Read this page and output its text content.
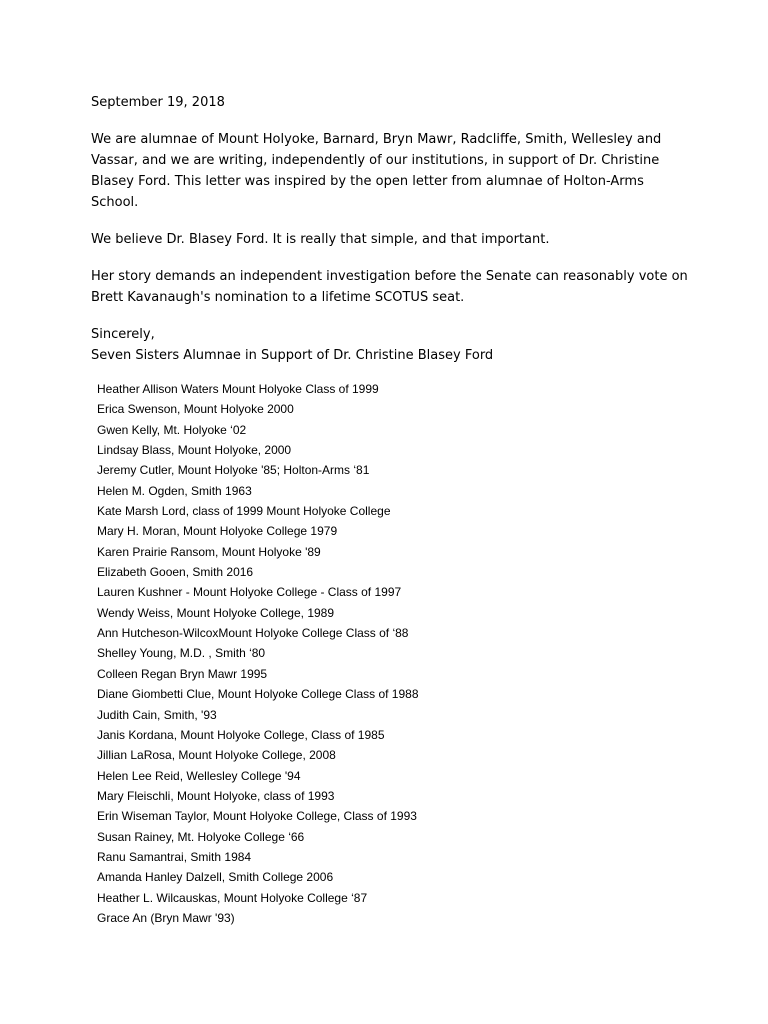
September 19, 2018

We are alumnae of Mount Holyoke, Barnard, Bryn Mawr, Radcliffe, Smith, Wellesley and Vassar, and we are writing, independently of our institutions, in support of Dr. Christine Blasey Ford. This letter was inspired by the open letter from alumnae of Holton-Arms School.

We believe Dr. Blasey Ford. It is really that simple, and that important.

Her story demands an independent investigation before the Senate can reasonably vote on Brett Kavanaugh's nomination to a lifetime SCOTUS seat.

Sincerely,
Seven Sisters Alumnae in Support of Dr. Christine Blasey Ford

Heather Allison Waters Mount Holyoke Class of 1999
Erica Swenson, Mount Holyoke 2000
Gwen Kelly, Mt. Holyoke ‘02
Lindsay Blass, Mount Holyoke, 2000
Jeremy Cutler, Mount Holyoke '85; Holton-Arms ‘81
Helen M. Ogden, Smith 1963
Kate Marsh Lord, class of 1999 Mount Holyoke College
Mary H. Moran, Mount Holyoke College 1979
Karen Prairie Ransom, Mount Holyoke '89
Elizabeth Gooen, Smith 2016
Lauren Kushner - Mount Holyoke College - Class of 1997
Wendy Weiss, Mount Holyoke College, 1989
Ann Hutcheson-WilcoxMount Holyoke College Class of ‘88
Shelley Young, M.D. , Smith ‘80
Colleen Regan Bryn Mawr 1995
Diane Giombetti Clue, Mount Holyoke College Class of 1988
Judith Cain, Smith, '93
Janis Kordana, Mount Holyoke College, Class of 1985
Jillian LaRosa, Mount Holyoke College, 2008
Helen Lee Reid, Wellesley College '94
Mary Fleischli, Mount Holyoke, class of 1993
Erin Wiseman Taylor, Mount Holyoke College, Class of 1993
Susan Rainey, Mt. Holyoke College ‘66
Ranu Samantrai, Smith 1984
Amanda Hanley Dalzell, Smith College 2006
Heather L. Wilcauskas, Mount Holyoke College ‘87
Grace An (Bryn Mawr '93)
